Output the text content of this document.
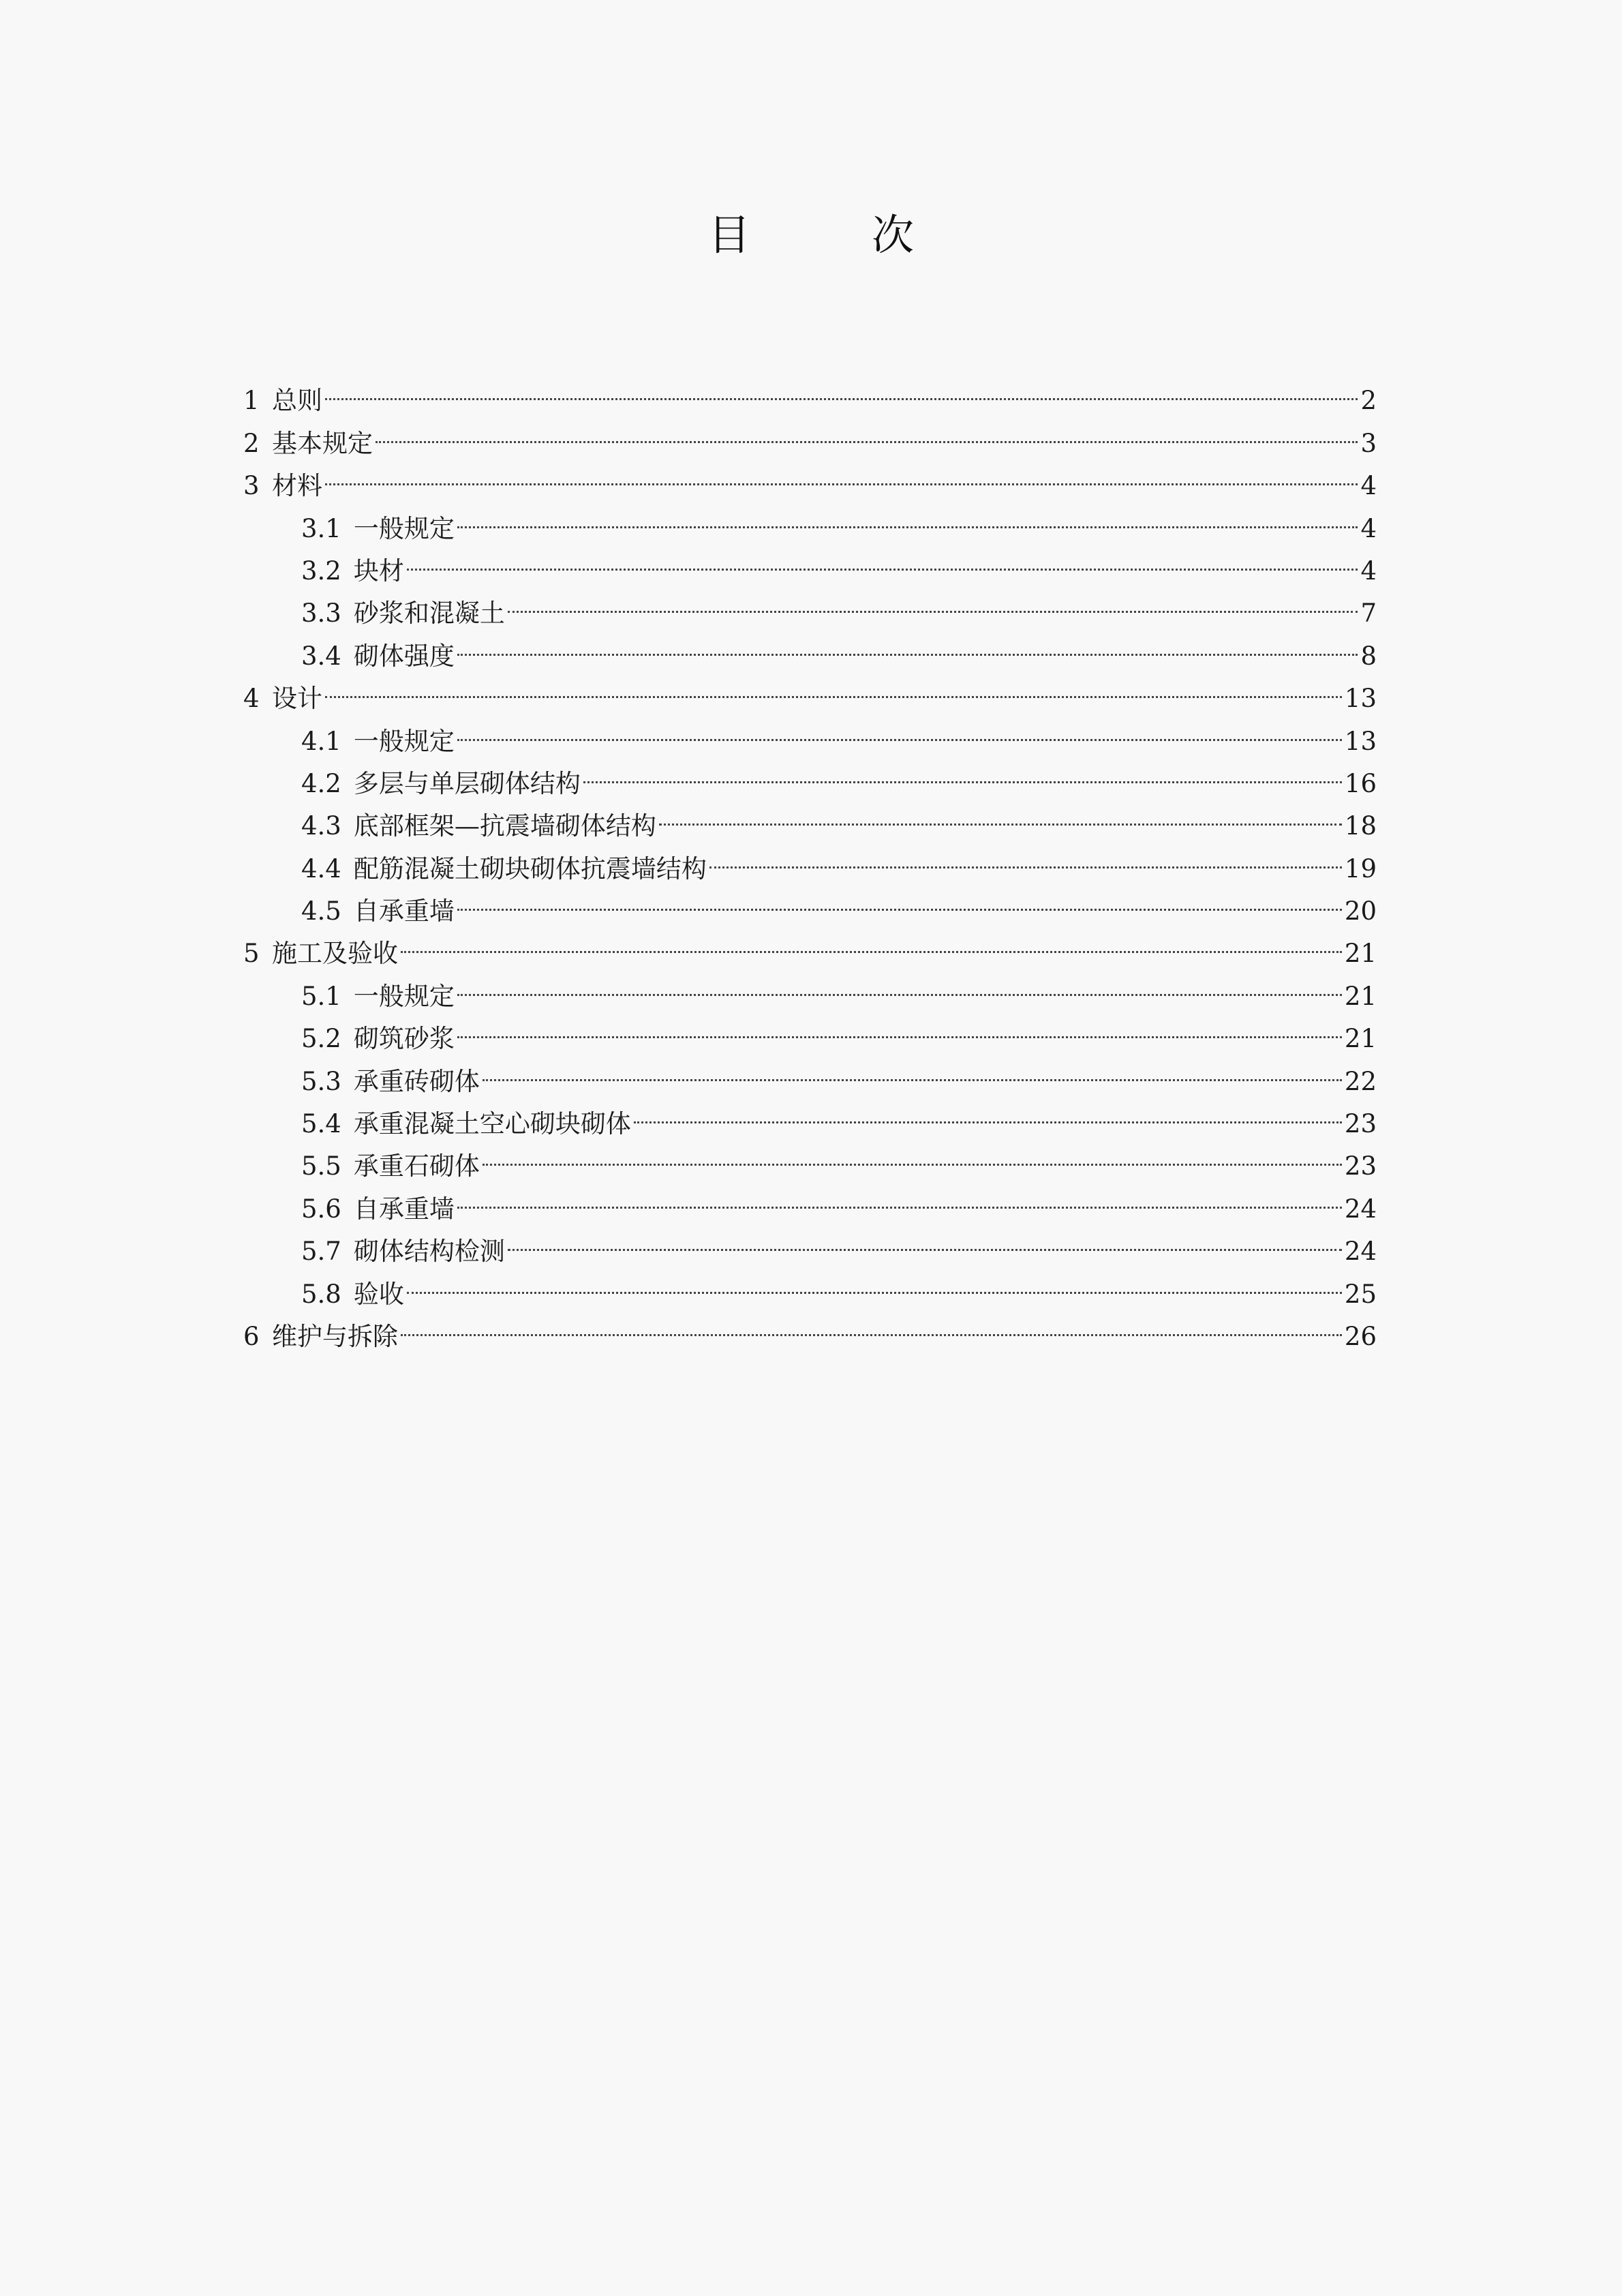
目　次
1 总则	2
2 基本规定	3
3 材料	4
3.1 一般规定	4
3.2 块材	4
3.3 砂浆和混凝土	7
3.4 砌体强度	8
4 设计	13
4.1 一般规定	13
4.2 多层与单层砌体结构	16
4.3 底部框架—抗震墙砌体结构	18
4.4 配筋混凝土砌块砌体抗震墙结构	19
4.5 自承重墙	20
5 施工及验收	21
5.1 一般规定	21
5.2 砌筑砂浆	21
5.3 承重砖砌体	22
5.4 承重混凝土空心砌块砌体	23
5.5 承重石砌体	23
5.6 自承重墙	24
5.7 砌体结构检测	24
5.8 验收	25
6 维护与拆除	26
